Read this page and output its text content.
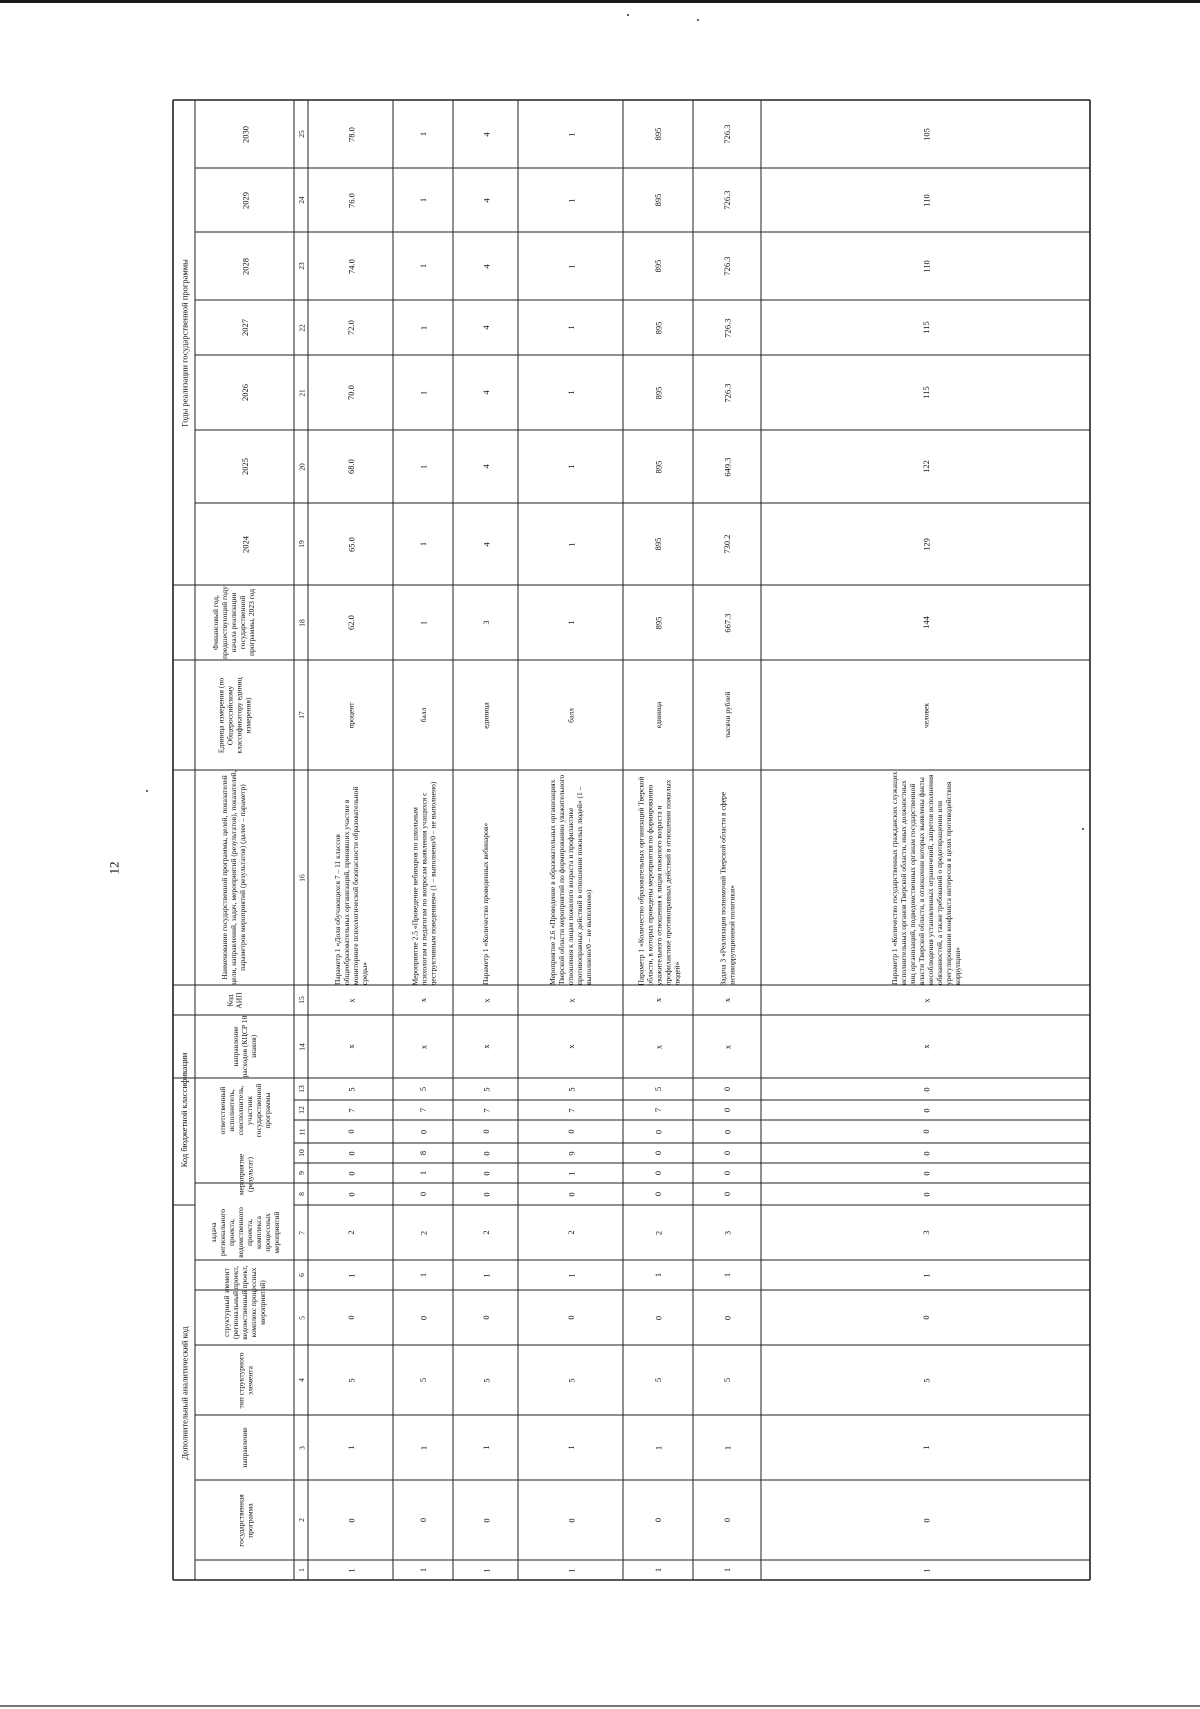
12
1
2
3
4
5
6
7
8
9
10
11
12
13
14
15
16
17
18
19
20
21
22
23
24
25
1
0
1
5
0
1
2
0
0
0
0
7
5
x
x
Параметр 1 «Доля обучающихся 7 – 11 классов общеобразовательных организаций, принявших участие в мониторинге психологической безопасности образовательной среды»
процент
62.0
65.0
68.0
70.0
72.0
74.0
76.0
78.0
1
0
1
5
0
1
2
0
1
8
0
7
5
x
x
Мероприятие 2.5 «Проведение вебинаров по школьным психологам и педагогам по вопросам выявления учащихся с деструктивным поведением» (1 – выполнено/0 – не выполнено)
балл
1
1
1
1
1
1
1
1
1
0
1
5
0
1
2
0
0
0
0
7
5
x
x
Параметр 1 «Количество проведенных вебинаров»
единица
3
4
4
4
4
4
4
4
1
0
1
5
0
1
2
0
1
9
0
7
5
x
x
Мероприятие 2.6 «Проведение в образовательных организациях Тверской области мероприятий по формированию уважительного отношения к лицам пожилого возраста и профилактике противоправных действий в отношении пожилых людей» (1 – выполнено/0 – не выполнено)
балл
1
1
1
1
1
1
1
1
1
0
1
5
0
1
2
0
0
0
0
7
5
x
x
Параметр 1 «Количество образовательных организаций Тверской области, в которых проведены мероприятия по формированию уважительного отношения к лицам пожилого возраста и профилактике противоправных действий в отношении пожилых людей»
единица
895
895
895
895
895
895
895
895
1
0
1
5
0
1
3
0
0
0
0
0
0
x
x
Задача 3 «Реализация полномочий Тверской области в сфере антикоррупционной политики»
тысячи рублей
667.3
730.2
649.3
726.3
726.3
726.3
726.3
726.3
1
0
1
5
0
1
3
0
0
0
0
0
0
x
x
Параметр 1 «Количество государственных гражданских служащих исполнительных органов Тверской области, иных должностных лиц организаций, подведомственных органам государственной власти Тверской области, в отношении которых выявлены факты несоблюдения установленных ограничений, запретов исполнения обязанностей, а также требований о предотвращении или урегулировании конфликта интересов в целях противодействия коррупции»
человек
144
129
122
115
115
110
110
105
Дополнительный аналитический код
Код бюджетной классификации
Код АИП
Наименование государственной программы, целей, показателей цели, направлений, задач, мероприятий (результатов), показателей, параметров мероприятий (результатов) (далее – параметр)
Единица измерения (по Общероссийскому классификатору единиц измерения)
Финансовый год, предшествующий году начала реализации государственной программы, 2023 год
Годы реализации государственной программы
государственная программа
направление
тип структурного элемента
структурный элемент (региональный проект, ведомственный проект, комплекс процессных мероприятий)
задача регионального проекта, ведомственного проекта, комплекса процессных мероприятий
мероприятие (результат)
ответственный исполнитель, соисполнитель, участник государственной программы
направление расходов (КЦСР 10 знаков)
2024
2025
2026
2027
2028
2029
2030
